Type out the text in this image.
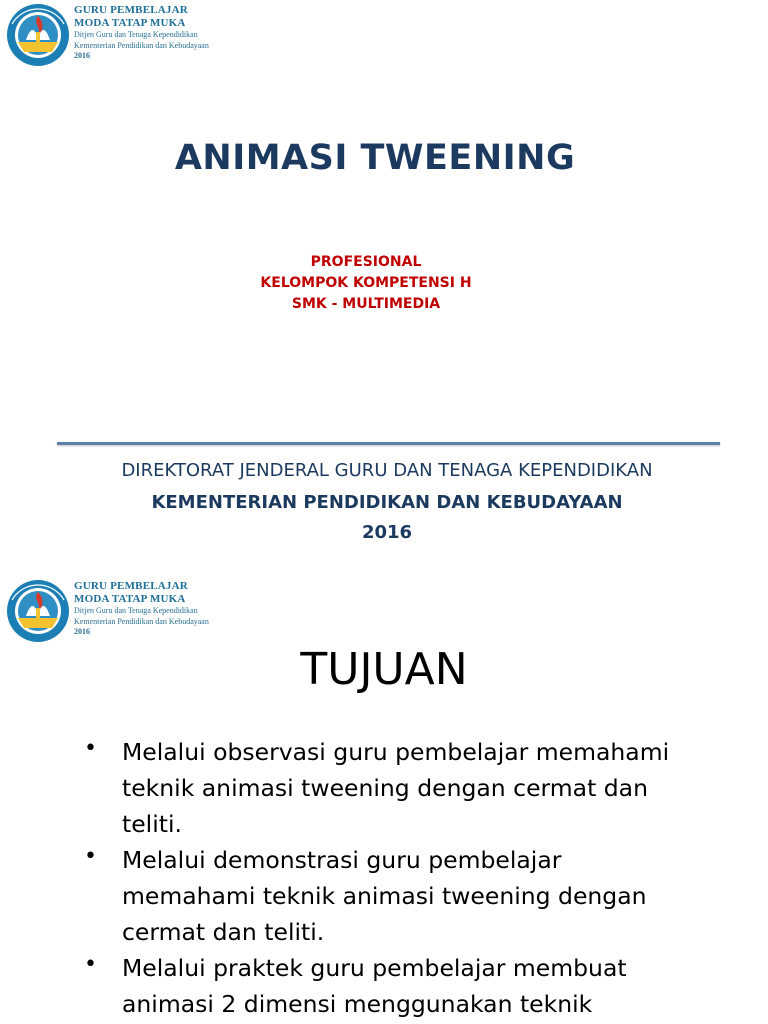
GURU PEMBELAJAR
MODA TATAP MUKA
Ditjen Guru dan Tenaga Kependidikan
Kementerian Pendidikan dan Kebudayaan
2016
ANIMASI TWEENING
PROFESIONAL
KELOMPOK KOMPETENSI H
SMK - MULTIMEDIA
DIREKTORAT JENDERAL GURU DAN TENAGA KEPENDIDIKAN
KEMENTERIAN PENDIDIKAN DAN KEBUDAYAAN
2016
GURU PEMBELAJAR
MODA TATAP MUKA
Ditjen Guru dan Tenaga Kependidikan
Kementerian Pendidikan dan Kebudayaan
2016
TUJUAN
• Melalui observasi guru pembelajar memahami teknik animasi tweening dengan cermat dan teliti.
• Melalui demonstrasi guru pembelajar memahami teknik animasi tweening dengan cermat dan teliti.
• Melalui praktek guru pembelajar membuat animasi 2 dimensi menggunakan teknik
